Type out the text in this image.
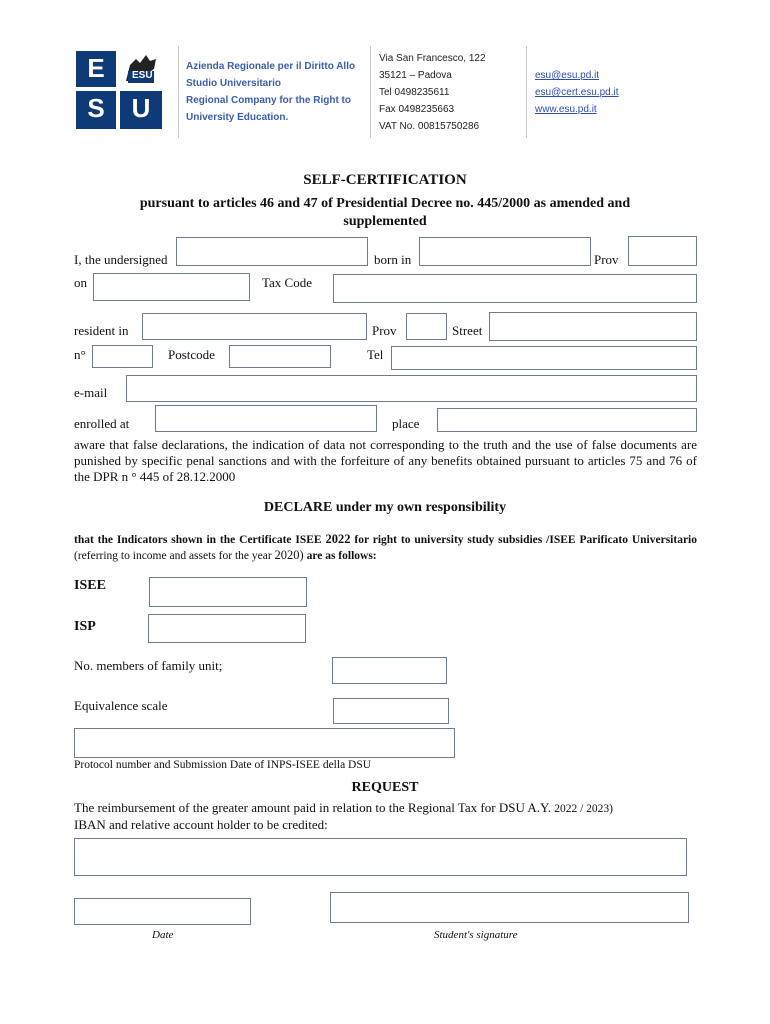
E	ESU
S	U
Azienda Regionale per il Diritto Allo
Studio Universitario
Regional Company for the Right to
University Education.
Via San Francesco, 122
35121 – Padova
Tel 0498235611
Fax 0498235663
VAT No. 00815750286
esu@esu.pd.it
esu@cert.esu.pd.it
www.esu.pd.it
SELF-CERTIFICATION
pursuant to articles 46 and 47 of Presidential Decree no. 445/2000 as amended and supplemented
I, the undersigned	born in	Prov
on	Tax Code
resident in	Prov	Street
n°	Postcode	Tel
e-mail
enrolled at	place
aware that false declarations, the indication of data not corresponding to the truth and the use of false documents are punished by specific penal sanctions and with the forfeiture of any benefits obtained pursuant to articles 75 and 76 of the DPR n ° 445 of 28.12.2000
DECLARE under my own responsibility
that the Indicators shown in the Certificate ISEE 2022 for right to university study subsidies /ISEE Parificato Universitario (referring to income and assets for the year 2020) are as follows:
ISEE
ISP
No. members of family unit;
Equivalence scale
Protocol number and Submission Date of INPS-ISEE della DSU
REQUEST
The reimbursement of the greater amount paid in relation to the Regional Tax for DSU A.Y. 2022 / 2023)
IBAN and relative account holder to be credited:
Date	Student's signature
